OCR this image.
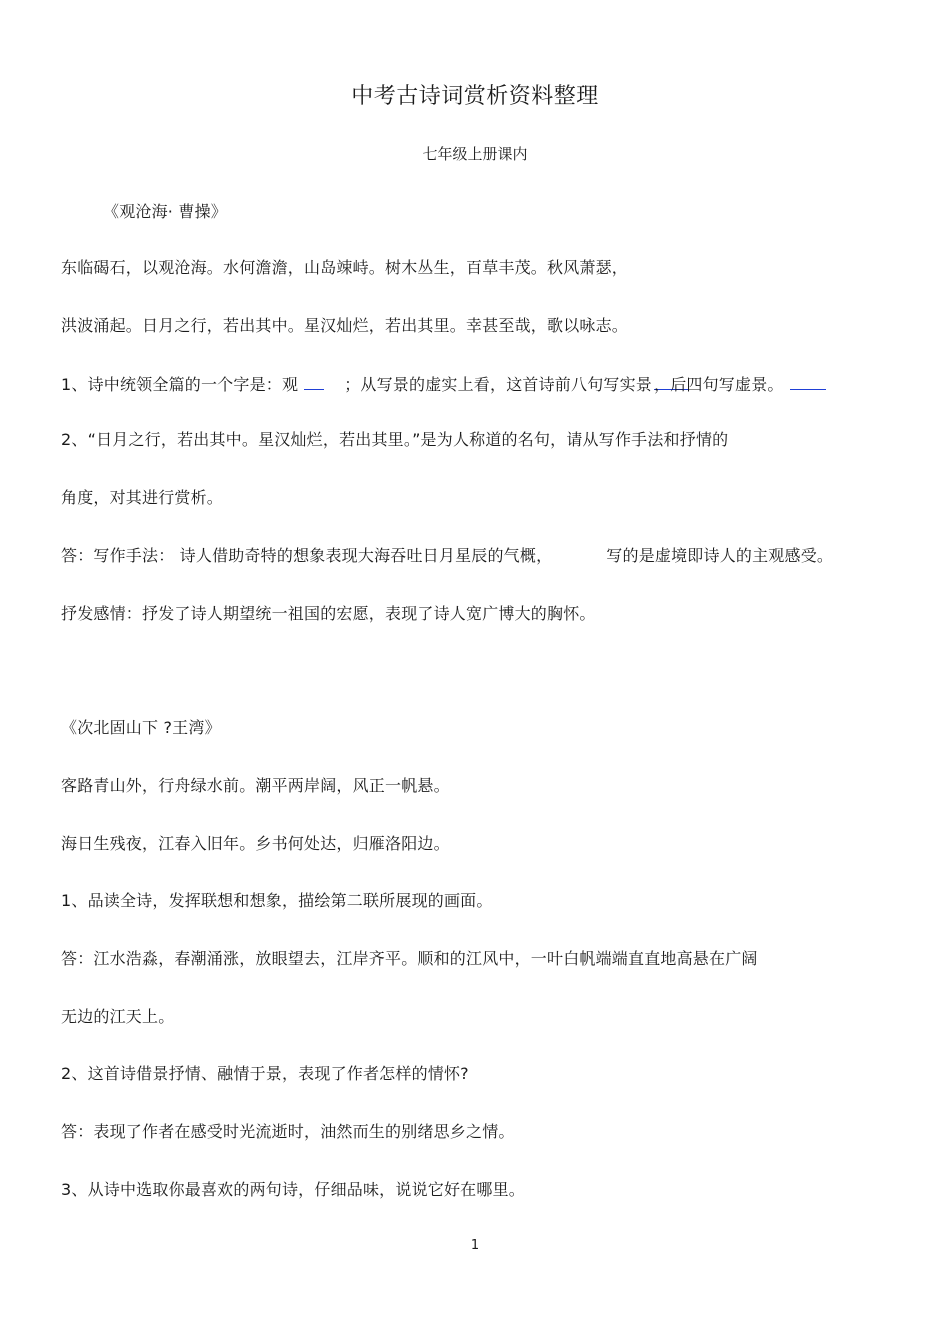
中考古诗词赏析资料整理
七年级上册课内
《观沧海· 曹操》
东临碣石，以观沧海。水何澹澹，山岛竦峙。树木丛生，百草丰茂。秋风萧瑟，
洪波涌起。日月之行，若出其中。星汉灿烂，若出其里。幸甚至哉，歌以咏志。
1、诗中统领全篇的一个字是：观	；从写景的虚实上看，这首诗前八句写实景 ，后四句写虚景。
2、“日月之行，若出其中。星汉灿烂，若出其里。”是为人称道的名句，请从写作手法和抒情的
角度，对其进行赏析。
答：写作手法： 诗人借助奇特的想象表现大海吞吐日月星辰的气概，	写的是虚境即诗人的主观感受。
抒发感情：抒发了诗人期望统一祖国的宏愿，表现了诗人宽广博大的胸怀。
《次北固山下 ?王湾》
客路青山外，行舟绿水前。潮平两岸阔，风正一帆悬。
海日生残夜，江春入旧年。乡书何处达，归雁洛阳边。
1、品读全诗，发挥联想和想象，描绘第二联所展现的画面。
答：江水浩淼，春潮涌涨，放眼望去，江岸齐平。顺和的江风中，一叶白帆端端直直地高悬在广阔
无边的江天上。
2、这首诗借景抒情、融情于景，表现了作者怎样的情怀?
答：表现了作者在感受时光流逝时，油然而生的别绪思乡之情。
3、从诗中选取你最喜欢的两句诗，仔细品味，说说它好在哪里。
1
